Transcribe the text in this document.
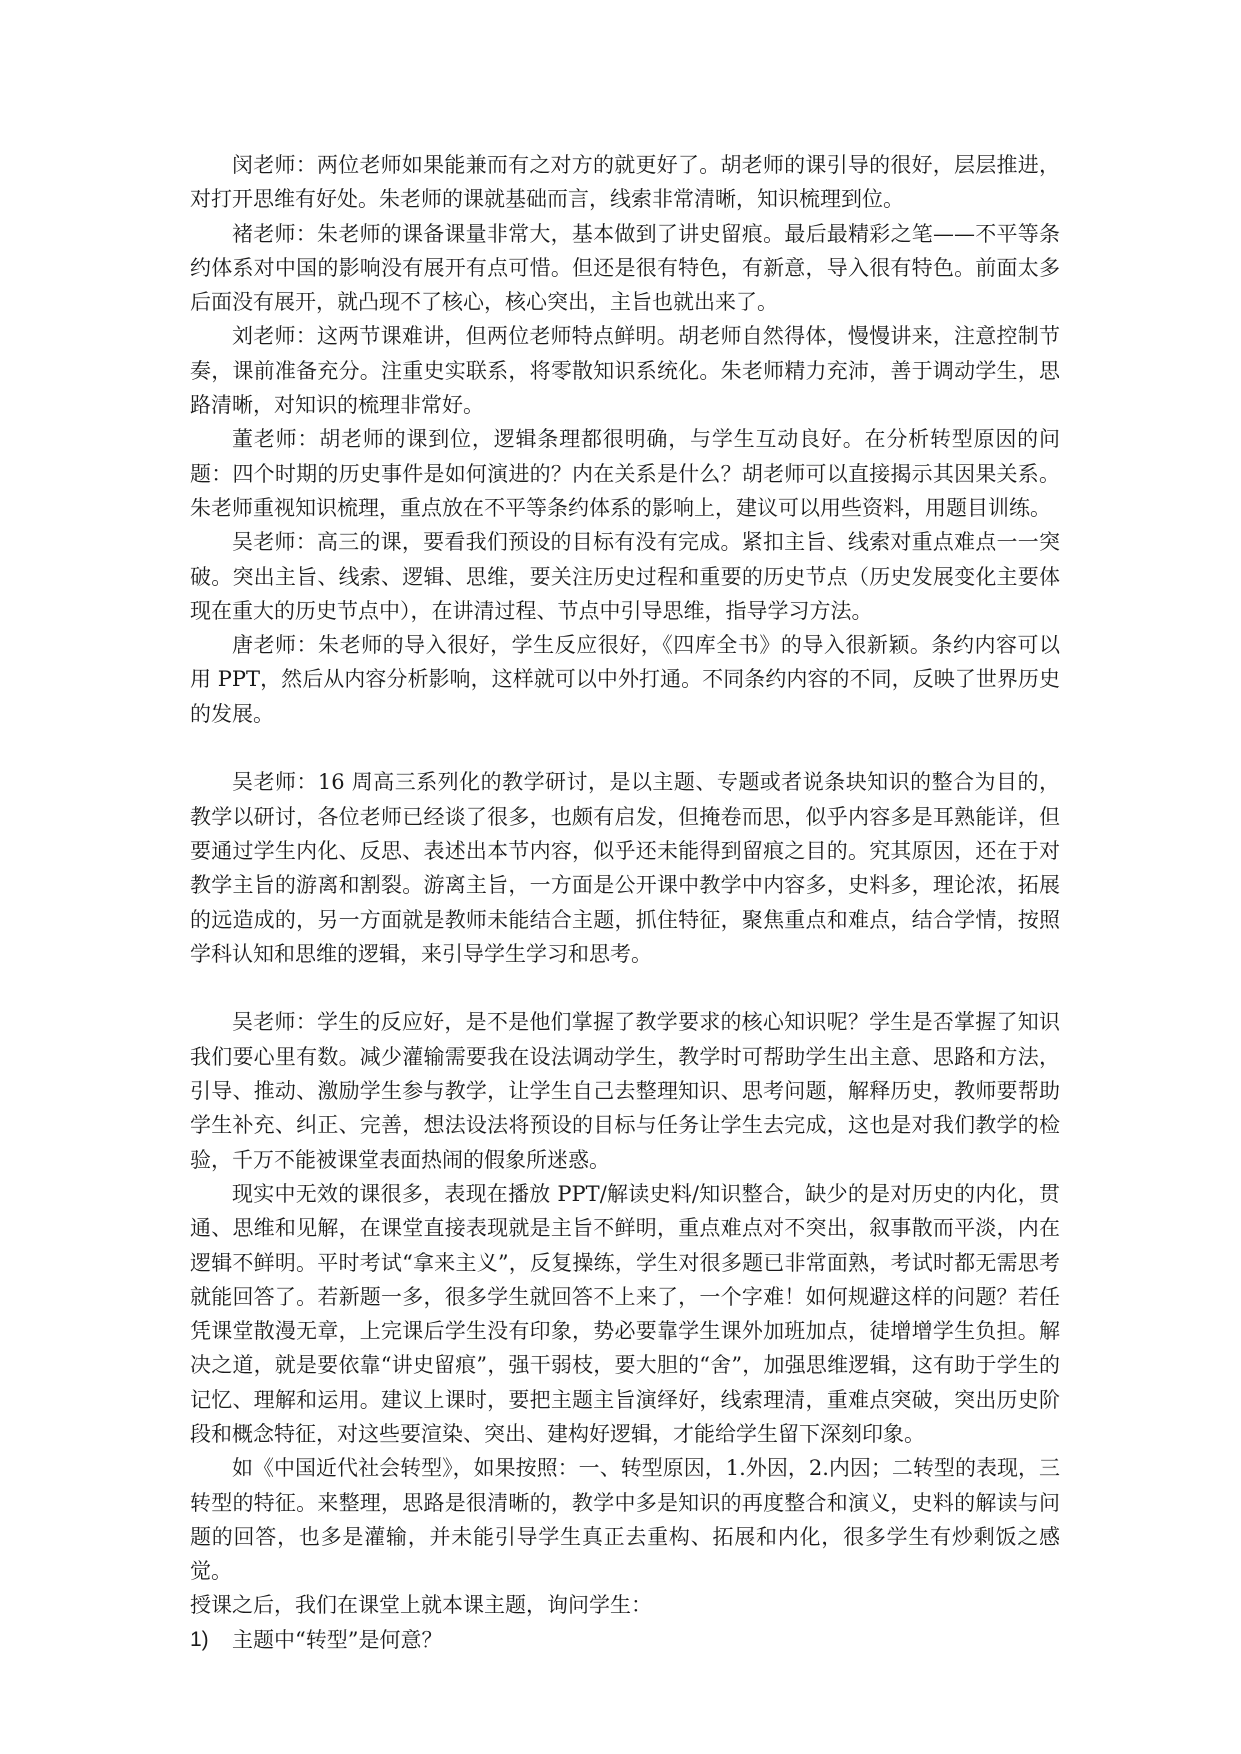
闵老师：两位老师如果能兼而有之对方的就更好了。胡老师的课引导的很好，层层推进，对打开思维有好处。朱老师的课就基础而言，线索非常清晰，知识梳理到位。

褚老师：朱老师的课备课量非常大，基本做到了讲史留痕。最后最精彩之笔——不平等条约体系对中国的影响没有展开有点可惜。但还是很有特色，有新意，导入很有特色。前面太多后面没有展开，就凸现不了核心，核心突出，主旨也就出来了。

刘老师：这两节课难讲，但两位老师特点鲜明。胡老师自然得体，慢慢讲来，注意控制节奏，课前准备充分。注重史实联系，将零散知识系统化。朱老师精力充沛，善于调动学生，思路清晰，对知识的梳理非常好。

董老师：胡老师的课到位，逻辑条理都很明确，与学生互动良好。在分析转型原因的问题：四个时期的历史事件是如何演进的？内在关系是什么？胡老师可以直接揭示其因果关系。朱老师重视知识梳理，重点放在不平等条约体系的影响上，建议可以用些资料，用题目训练。

吴老师：高三的课，要看我们预设的目标有没有完成。紧扣主旨、线索对重点难点一一突破。突出主旨、线索、逻辑、思维，要关注历史过程和重要的历史节点（历史发展变化主要体现在重大的历史节点中），在讲清过程、节点中引导思维，指导学习方法。

唐老师：朱老师的导入很好，学生反应很好，《四库全书》的导入很新颖。条约内容可以用 PPT，然后从内容分析影响，这样就可以中外打通。不同条约内容的不同，反映了世界历史的发展。

吴老师：16 周高三系列化的教学研讨，是以主题、专题或者说条块知识的整合为目的，教学以研讨，各位老师已经谈了很多，也颇有启发，但掩卷而思，似乎内容多是耳熟能详，但要通过学生内化、反思、表述出本节内容，似乎还未能得到留痕之目的。究其原因，还在于对教学主旨的游离和割裂。游离主旨，一方面是公开课中教学中内容多，史料多，理论浓，拓展的远造成的，另一方面就是教师未能结合主题，抓住特征，聚焦重点和难点，结合学情，按照学科认知和思维的逻辑，来引导学生学习和思考。

吴老师：学生的反应好，是不是他们掌握了教学要求的核心知识呢？学生是否掌握了知识我们要心里有数。减少灌输需要我在设法调动学生，教学时可帮助学生出主意、思路和方法，引导、推动、激励学生参与教学，让学生自己去整理知识、思考问题，解释历史，教师要帮助学生补充、纠正、完善，想法设法将预设的目标与任务让学生去完成，这也是对我们教学的检验，千万不能被课堂表面热闹的假象所迷惑。

现实中无效的课很多，表现在播放 PPT/解读史料/知识整合，缺少的是对历史的内化，贯通、思维和见解，在课堂直接表现就是主旨不鲜明，重点难点对不突出，叙事散而平淡，内在逻辑不鲜明。平时考试“拿来主义”，反复操练，学生对很多题已非常面熟，考试时都无需思考就能回答了。若新题一多，很多学生就回答不上来了，一个字难！如何规避这样的问题？若任凭课堂散漫无章，上完课后学生没有印象，势必要靠学生课外加班加点，徒增增学生负担。解决之道，就是要依靠“讲史留痕”，强干弱枝，要大胆的“舍”，加强思维逻辑，这有助于学生的记忆、理解和运用。建议上课时，要把主题主旨演绎好，线索理清，重难点突破，突出历史阶段和概念特征，对这些要渲染、突出、建构好逻辑，才能给学生留下深刻印象。

如《中国近代社会转型》，如果按照：一、转型原因，1.外因，2.内因；二转型的表现，三转型的特征。来整理，思路是很清晰的，教学中多是知识的再度整合和演义，史料的解读与问题的回答，也多是灌输，并未能引导学生真正去重构、拓展和内化，很多学生有炒剩饭之感觉。

授课之后，我们在课堂上就本课主题，询问学生：

1)	主题中“转型”是何意？
